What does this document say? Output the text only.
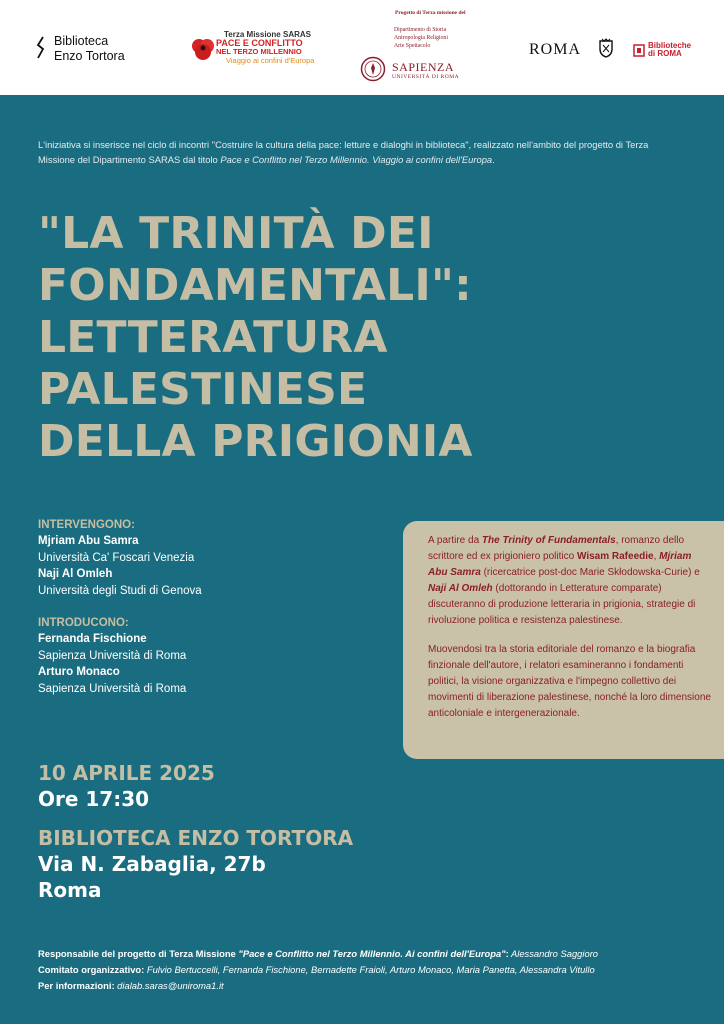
Biblioteca
Enzo Tortora
Terza Missione SARAS
PACE E CONFLITTO
NEL TERZO MILLENNIO
Viaggio ai confini d'Europa
Progetto di Terza missione del
Dipartimento di Storia
Antropologia Religioni
Arte Spettacolo
SAPIENZA
UNIVERSITÀ DI ROMA
ROMA	Biblioteche
di ROMA
L'iniziativa si inserisce nel ciclo di incontri "Costruire la cultura della pace: letture e dialoghi in biblioteca", realizzato nell'ambito del progetto di Terza Missione del Dipartimento SARAS dal titolo Pace e Conflitto nel Terzo Millennio. Viaggio ai confini dell'Europa.
"LA TRINITÀ DEI
FONDAMENTALI":
LETTERATURA
PALESTINESE
DELLA PRIGIONIA
INTERVENGONO:
Mjriam Abu Samra
Università Ca' Foscari Venezia
Naji Al Omleh
Università degli Studi di Genova
INTRODUCONO:
Fernanda Fischione
Sapienza Università di Roma
Arturo Monaco
Sapienza Università di Roma

A partire da The Trinity of Fundamentals, romanzo dello scrittore ed ex prigioniero politico Wisam Rafeedie, Mjriam Abu Samra (ricercatrice post-doc Marie Skłodowska-Curie) e Naji Al Omleh (dottorando in Letterature comparate) discuteranno di produzione letteraria in prigionia, strategie di rivoluzione politica e resistenza palestinese.

Muovendosi tra la storia editoriale del romanzo e la biografia finzionale dell'autore, i relatori esamineranno i fondamenti politici, la visione organizzativa e l'impegno collettivo dei movimenti di liberazione palestinese, nonché la loro dimensione anticoloniale e intergenerazionale.

10 APRILE 2025
Ore 17:30
BIBLIOTECA ENZO TORTORA
Via N. Zabaglia, 27b
Roma
Responsabile del progetto di Terza Missione "Pace e Conflitto nel Terzo Millennio. Ai confini dell'Europa": Alessandro Saggioro
Comitato organizzativo: Fulvio Bertuccelli, Fernanda Fischione, Bernadette Fraioli, Arturo Monaco, Maria Panetta, Alessandra Vitullo
Per informazioni: dialab.saras@uniroma1.it
